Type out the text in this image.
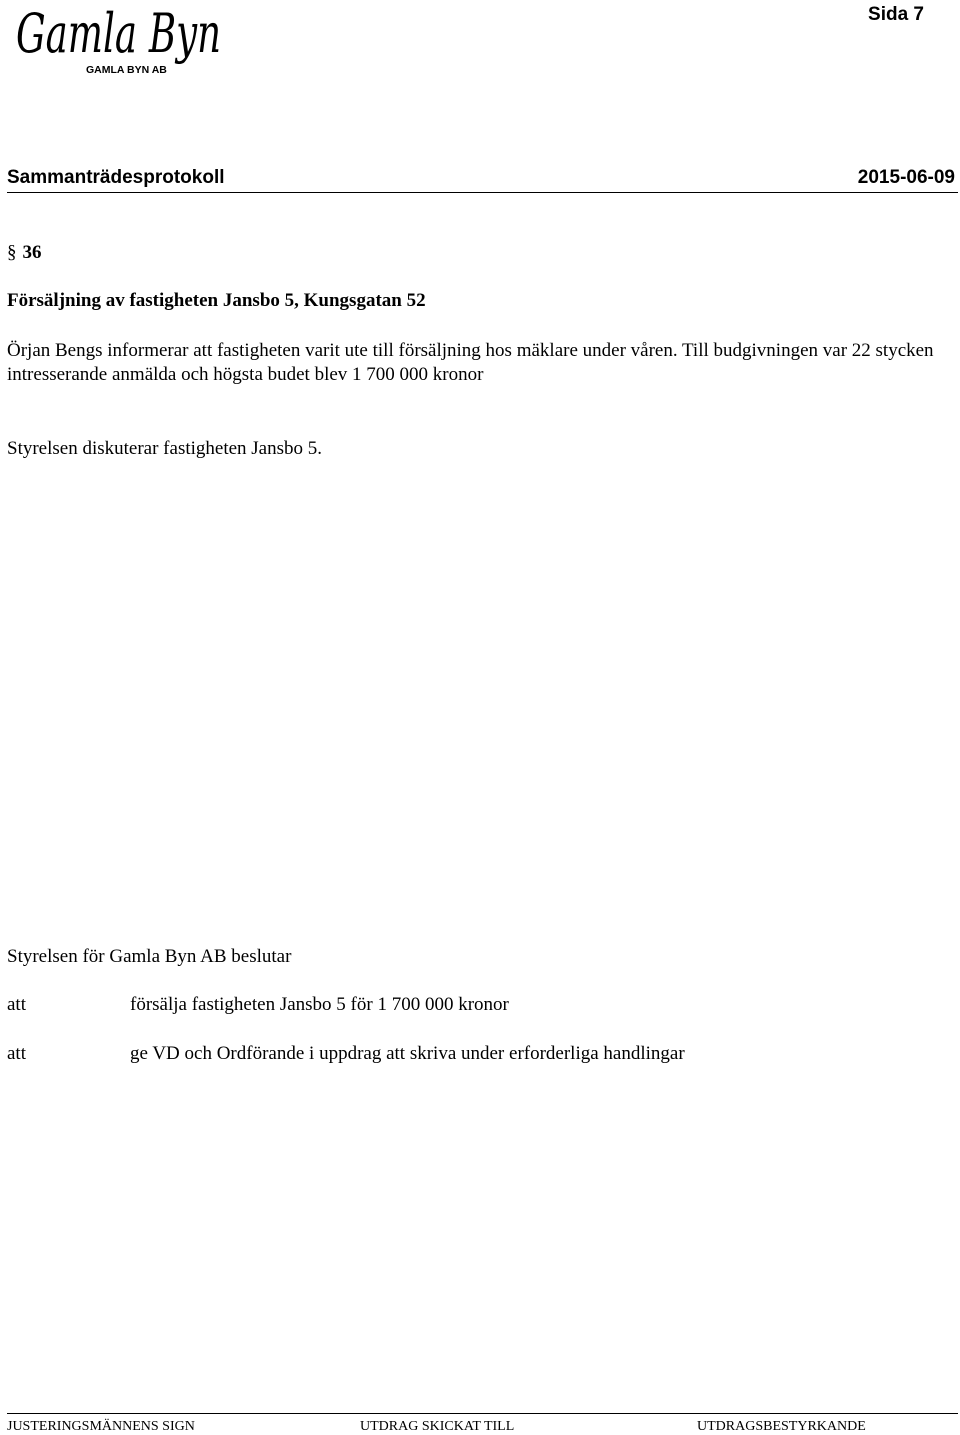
Gamla Byn
GAMLA BYN AB
Sida 7
Sammanträdesprotokoll	2015-06-09
§ 36
Försäljning av fastigheten Jansbo 5, Kungsgatan 52
Örjan Bengs informerar att fastigheten varit ute till försäljning hos mäklare under våren. Till budgivningen var 22 stycken intresserande anmälda och högsta budet blev 1 700 000 kronor
Styrelsen diskuterar fastigheten Jansbo 5.
Styrelsen för Gamla Byn AB beslutar
att	försälja fastigheten Jansbo 5 för 1 700 000 kronor
att	ge VD och Ordförande i uppdrag att skriva under erforderliga handlingar
JUSTERINGSMÄNNENS SIGN	UTDRAG SKICKAT TILL	UTDRAGSBESTYRKANDE
